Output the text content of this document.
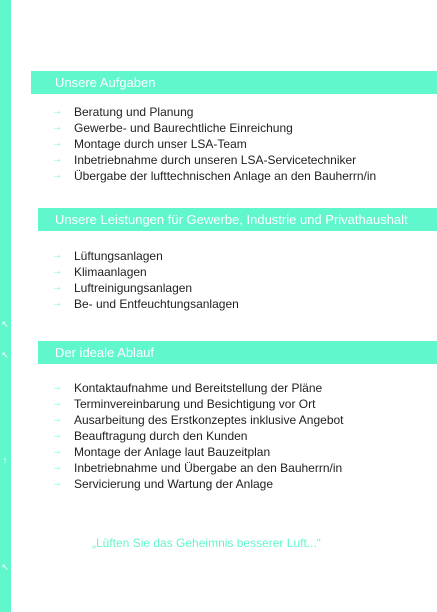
↖
↖
↑
↖
Unsere Aufgaben
→ Beratung und Planung
→ Gewerbe- und Baurechtliche Einreichung
→ Montage durch unser LSA-Team
→ Inbetriebnahme durch unseren LSA-Servicetechniker
→ Übergabe der lufttechnischen Anlage an den Bauherrn/in
Unsere Leistungen für Gewerbe, Industrie und Privathaushalt
→ Lüftungsanlagen
→ Klimaanlagen
→ Luftreinigungsanlagen
→ Be- und Entfeuchtungsanlagen
Der ideale Ablauf
→ Kontaktaufnahme und Bereitstellung der Pläne
→ Terminvereinbarung und Besichtigung vor Ort
→ Ausarbeitung des Erstkonzeptes inklusive Angebot
→ Beauftragung durch den Kunden
→ Montage der Anlage laut Bauzeitplan
→ Inbetriebnahme und Übergabe an den Bauherrn/in
→ Servicierung und Wartung der Anlage
„Lüften Sie das Geheimnis besserer Luft...“
